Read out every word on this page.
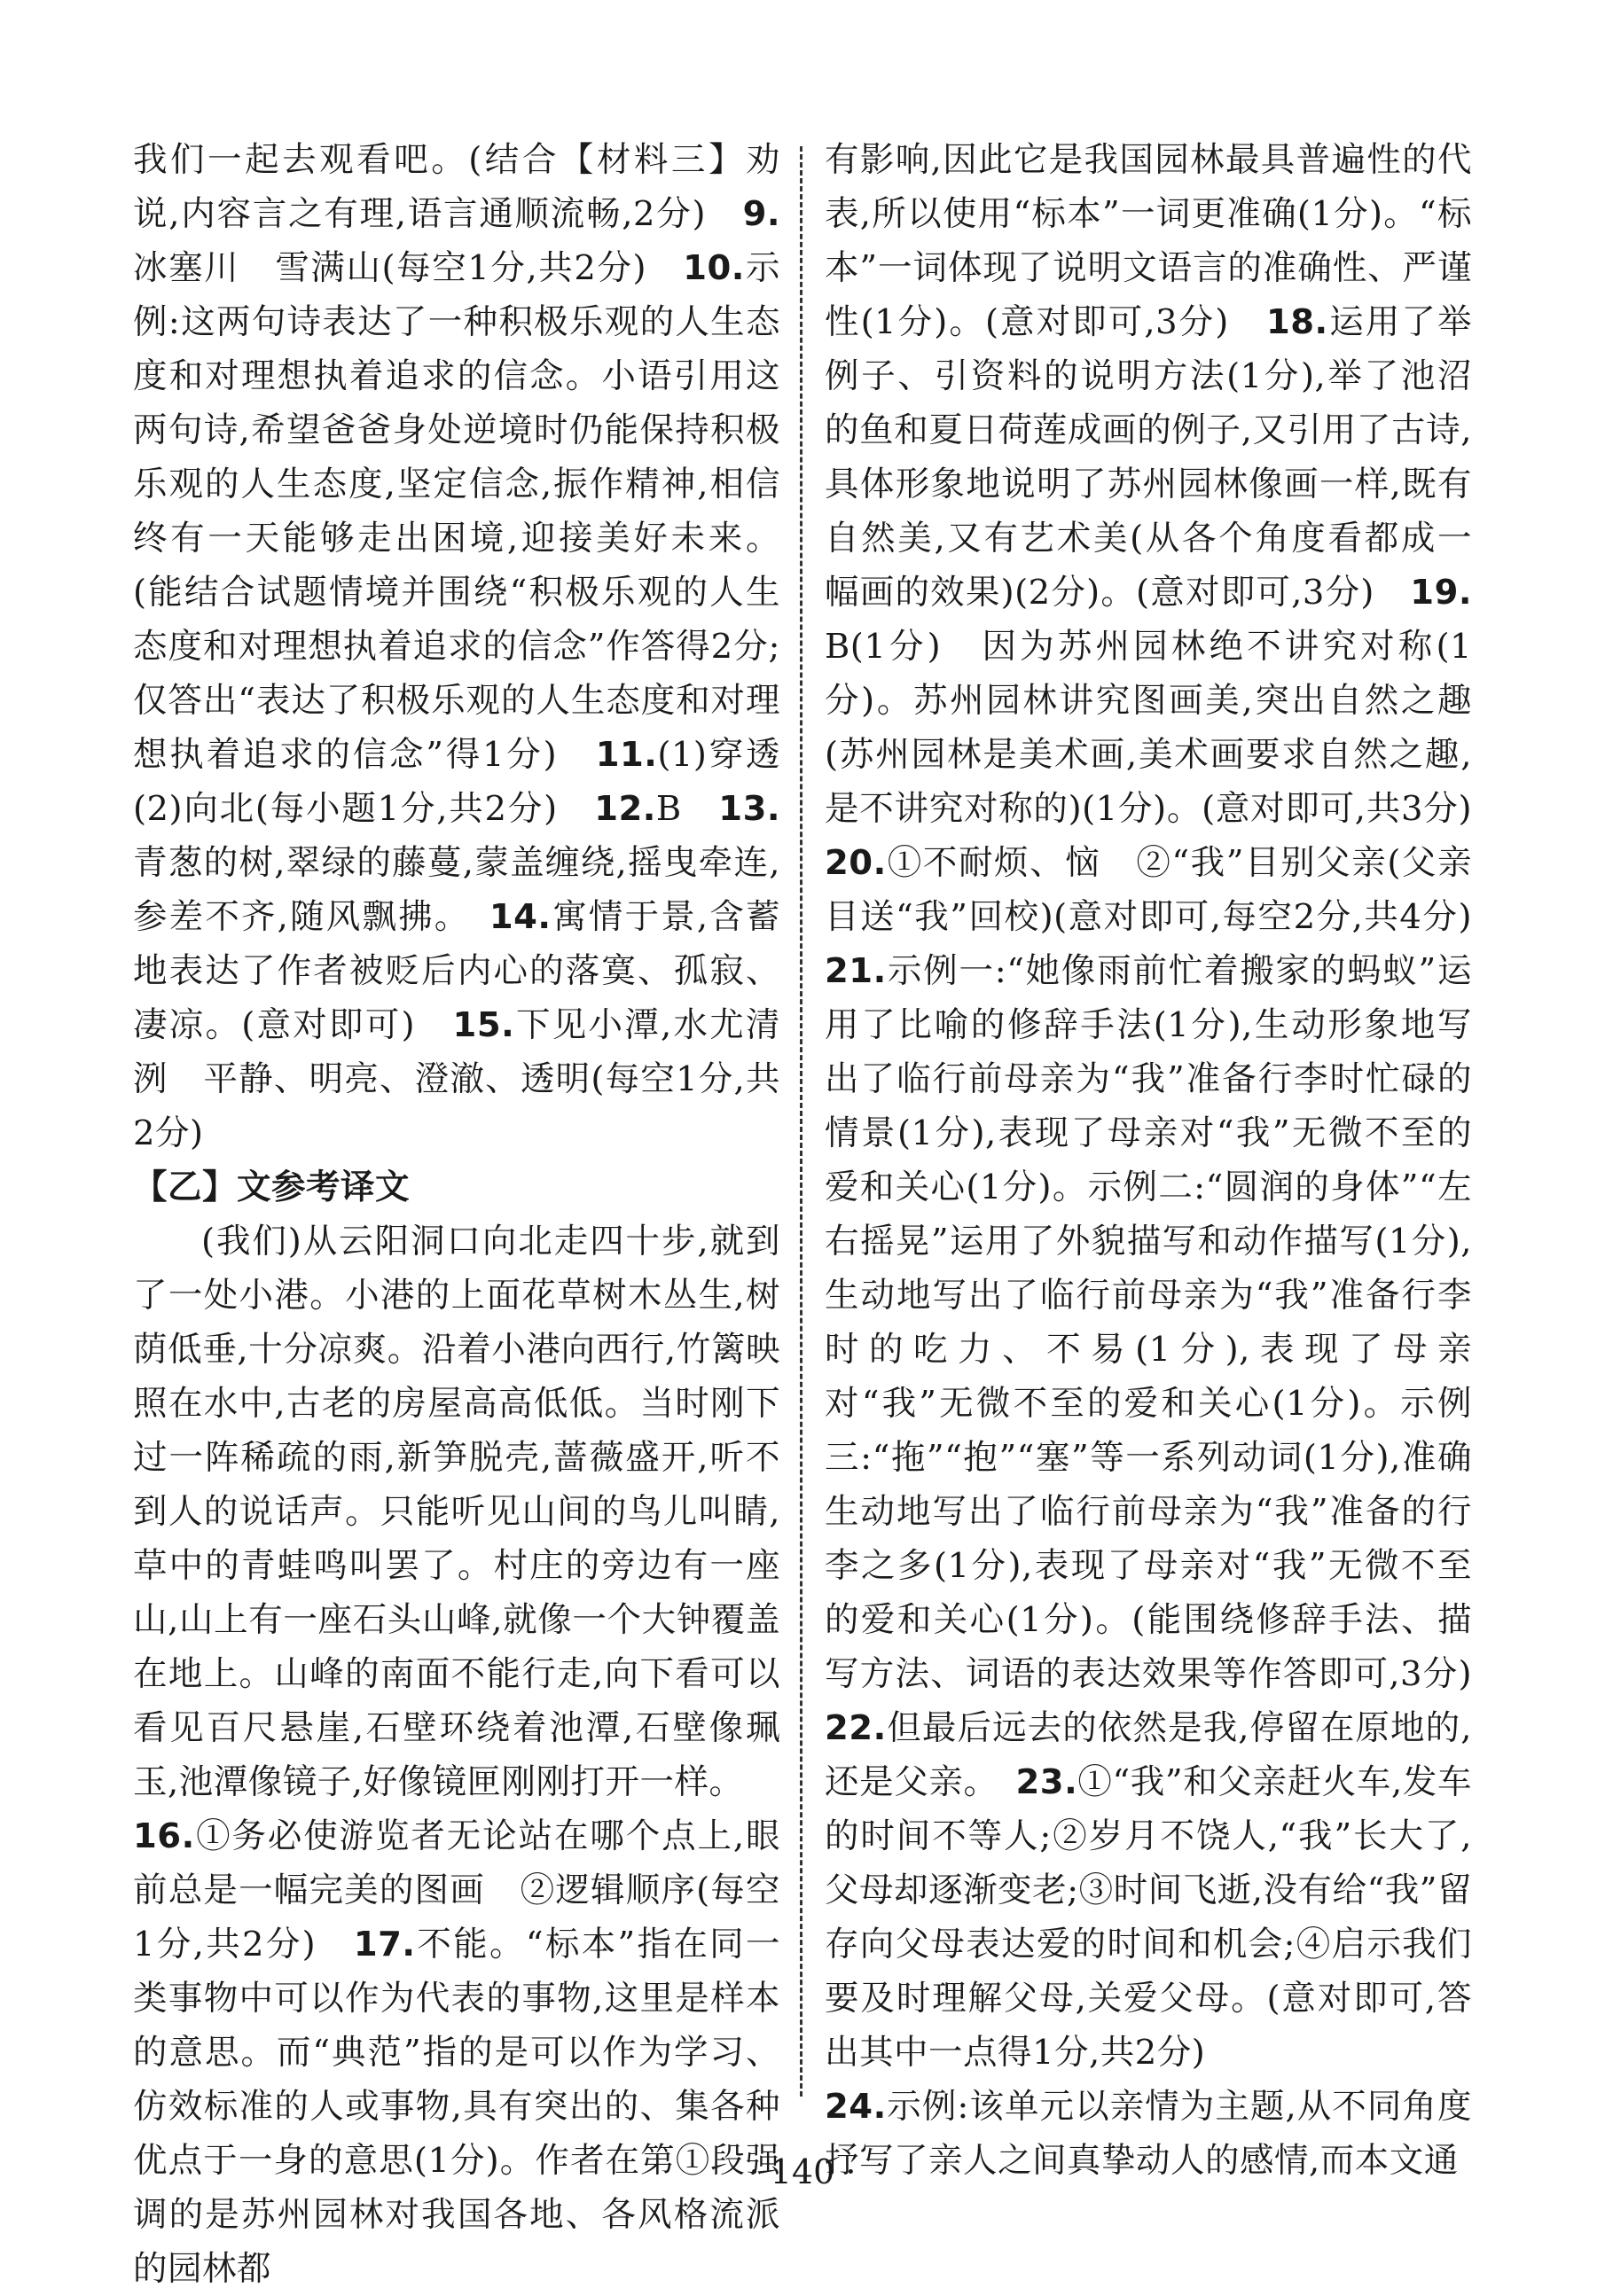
我们一起去观看吧。(结合【材料三】劝说,内容言之有理,语言通顺流畅,2分)　9.冰塞川　雪满山(每空1分,共2分)　10.示例:这两句诗表达了一种积极乐观的人生态度和对理想执着追求的信念。小语引用这两句诗,希望爸爸身处逆境时仍能保持积极乐观的人生态度,坚定信念,振作精神,相信终有一天能够走出困境,迎接美好未来。(能结合试题情境并围绕“积极乐观的人生态度和对理想执着追求的信念”作答得2分;仅答出“表达了积极乐观的人生态度和对理想执着追求的信念”得1分)　11.(1)穿透　(2)向北(每小题1分,共2分)　12.B　13.青葱的树,翠绿的藤蔓,蒙盖缠绕,摇曳牵连,参差不齐,随风飘拂。　14.寓情于景,含蓄地表达了作者被贬后内心的落寞、孤寂、凄凉。(意对即可)　15.下见小潭,水尤清洌　平静、明亮、澄澈、透明(每空1分,共2分)

【乙】文参考译文

(我们)从云阳洞口向北走四十步,就到了一处小港。小港的上面花草树木丛生,树荫低垂,十分凉爽。沿着小港向西行,竹篱映照在水中,古老的房屋高高低低。当时刚下过一阵稀疏的雨,新笋脱壳,蔷薇盛开,听不到人的说话声。只能听见山间的鸟儿叫睛,草中的青蛙鸣叫罢了。村庄的旁边有一座山,山上有一座石头山峰,就像一个大钟覆盖在地上。山峰的南面不能行走,向下看可以看见百尺悬崖,石壁环绕着池潭,石壁像珮玉,池潭像镜子,好像镜匣刚刚打开一样。

16.①务必使游览者无论站在哪个点上,眼前总是一幅完美的图画　②逻辑顺序(每空1分,共2分)　17.不能。“标本”指在同一类事物中可以作为代表的事物,这里是样本的意思。而“典范”指的是可以作为学习、仿效标准的人或事物,具有突出的、集各种优点于一身的意思(1分)。作者在第①段强调的是苏州园林对我国各地、各风格流派的园林都

有影响,因此它是我国园林最具普遍性的代表,所以使用“标本”一词更准确(1分)。“标本”一词体现了说明文语言的准确性、严谨性(1分)。(意对即可,3分)　18.运用了举例子、引资料的说明方法(1分),举了池沼的鱼和夏日荷莲成画的例子,又引用了古诗,具体形象地说明了苏州园林像画一样,既有自然美,又有艺术美(从各个角度看都成一幅画的效果)(2分)。(意对即可,3分)　19.B(1分)　因为苏州园林绝不讲究对称(1分)。苏州园林讲究图画美,突出自然之趣(苏州园林是美术画,美术画要求自然之趣,是不讲究对称的)(1分)。(意对即可,共3分)　20.①不耐烦、恼　②“我”目别父亲(父亲目送“我”回校)(意对即可,每空2分,共4分)　21.示例一:“她像雨前忙着搬家的蚂蚁”运用了比喻的修辞手法(1分),生动形象地写出了临行前母亲为“我”准备行李时忙碌的情景(1分),表现了母亲对“我”无微不至的爱和关心(1分)。示例二:“圆润的身体”“左右摇晃”运用了外貌描写和动作描写(1分),生动地写出了临行前母亲为“我”准备行李时的吃力、不易(1分),表现了母亲对“我”无微不至的爱和关心(1分)。示例三:“拖”“抱”“塞”等一系列动词(1分),准确生动地写出了临行前母亲为“我”准备的行李之多(1分),表现了母亲对“我”无微不至的爱和关心(1分)。(能围绕修辞手法、描写方法、词语的表达效果等作答即可,3分)　22.但最后远去的依然是我,停留在原地的,还是父亲。　23.①“我”和父亲赶火车,发车的时间不等人;②岁月不饶人,“我”长大了,父母却逐渐变老;③时间飞逝,没有给“我”留存向父母表达爱的时间和机会;④启示我们要及时理解父母,关爱父母。(意对即可,答出其中一点得1分,共2分)

24.示例:该单元以亲情为主题,从不同角度抒写了亲人之间真挚动人的感情,而本文通

· 140 ·
